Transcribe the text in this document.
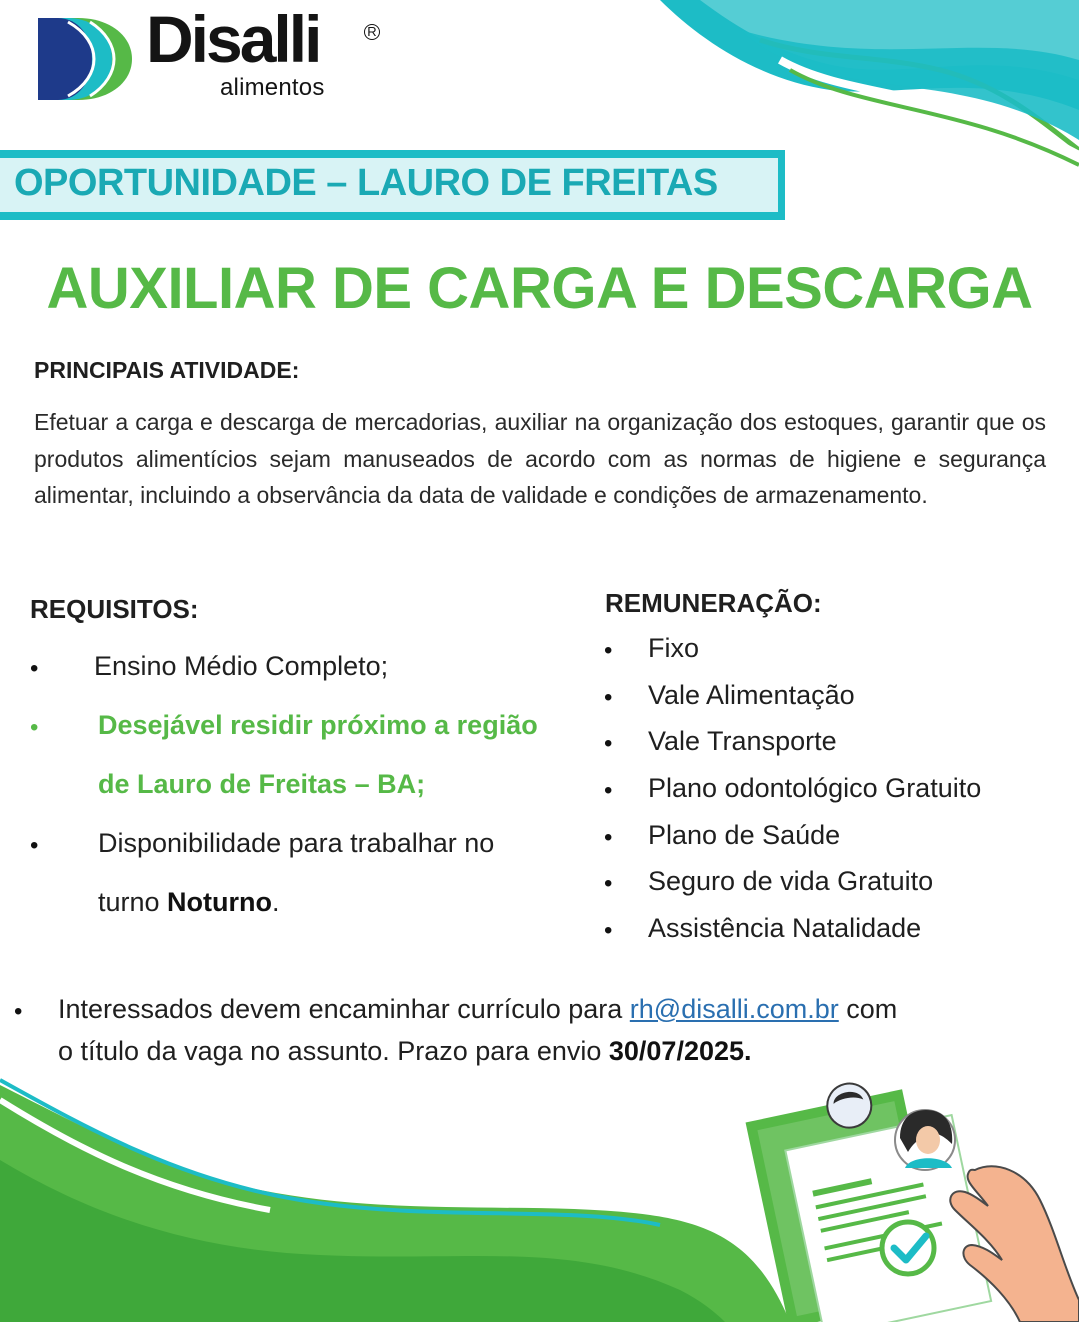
Disalli	R
alimentos
OPORTUNIDADE – LAURO DE FREITAS
AUXILIAR DE CARGA E DESCARGA
PRINCIPAIS ATIVIDADE:
Efetuar a carga e descarga de mercadorias, auxiliar na organização dos estoques, garantir que os produtos alimentícios sejam manuseados de acordo com as normas de higiene e segurança alimentar, incluindo a observância da data de validade e condições de armazenamento.
REQUISITOS:
• Ensino Médio Completo;
• Desejável residir próximo a região
de Lauro de Freitas – BA;
• Disponibilidade para trabalhar no
turno Noturno.
REMUNERAÇÃO:
• Fixo
• Vale Alimentação
• Vale Transporte
• Plano odontológico Gratuito
• Plano de Saúde
• Seguro de vida Gratuito
• Assistência Natalidade
• Interessados devem encaminhar currículo para rh@disalli.com.br com
o título da vaga no assunto. Prazo para envio 30/07/2025.
